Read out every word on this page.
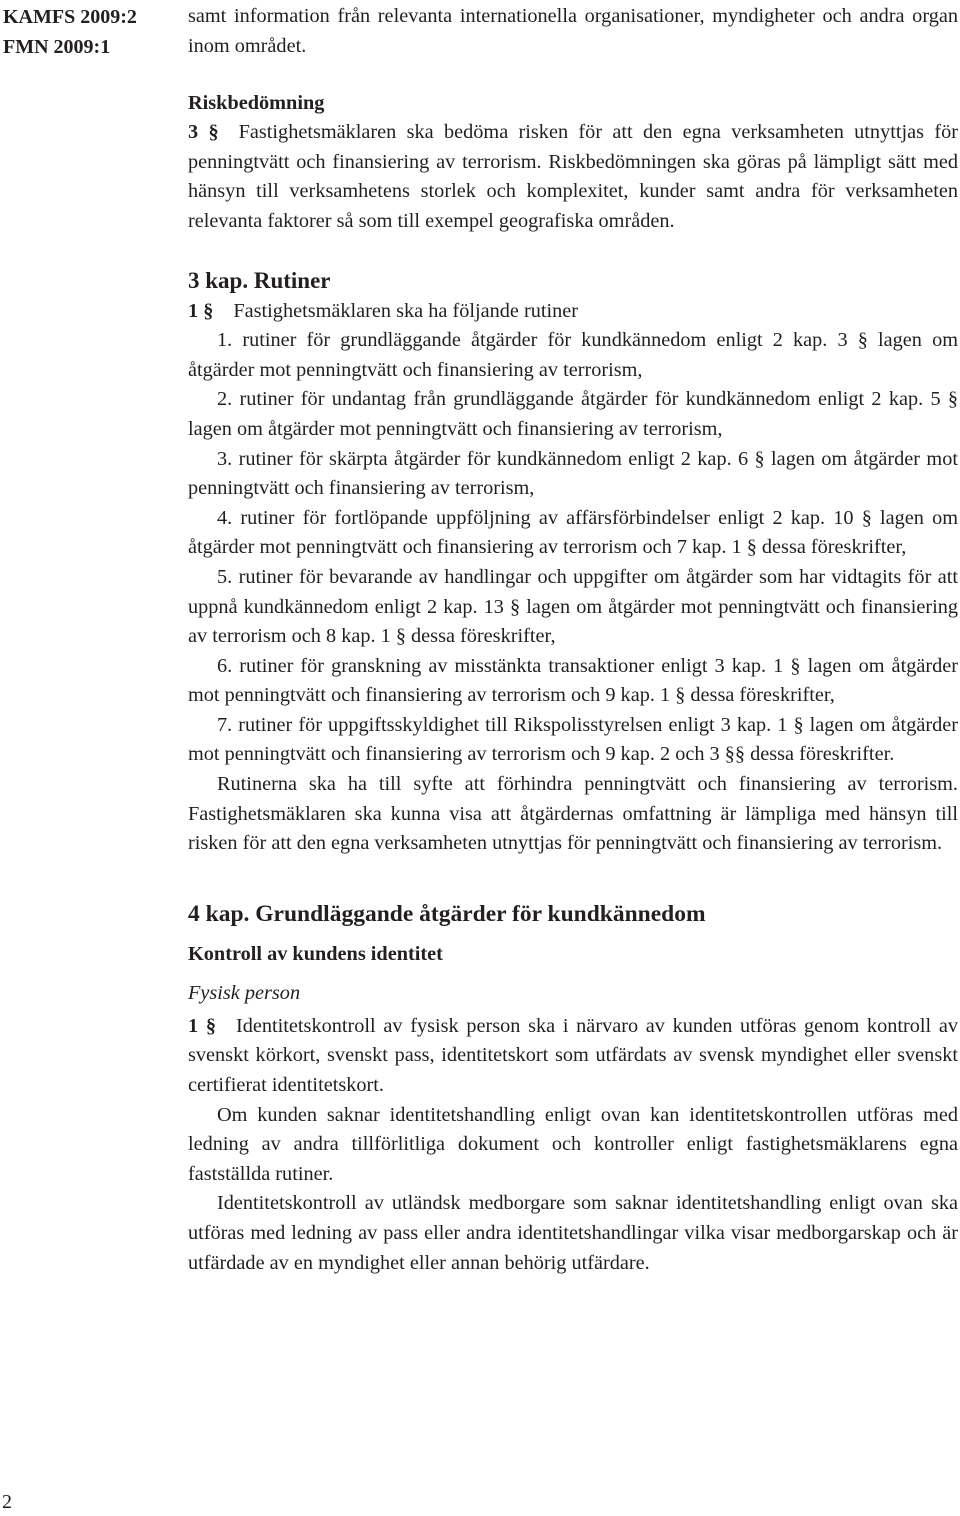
KAMFS 2009:2
FMN 2009:1
2

samt information från relevanta internationella organisationer, myndigheter och andra organ inom området.

Riskbedömning

3 § Fastighetsmäklaren ska bedöma risken för att den egna verksamheten utnyttjas för penningtvätt och finansiering av terrorism. Riskbedömningen ska göras på lämpligt sätt med hänsyn till verksamhetens storlek och komplexitet, kunder samt andra för verksamheten relevanta faktorer så som till exempel geografiska områden.

3 kap. Rutiner

1 § Fastighetsmäklaren ska ha följande rutiner

1. rutiner för grundläggande åtgärder för kundkännedom enligt 2 kap. 3 § lagen om åtgärder mot penningtvätt och finansiering av terrorism,

2. rutiner för undantag från grundläggande åtgärder för kundkännedom enligt 2 kap. 5 § lagen om åtgärder mot penningtvätt och finansiering av terrorism,

3. rutiner för skärpta åtgärder för kundkännedom enligt 2 kap. 6 § lagen om åtgärder mot penningtvätt och finansiering av terrorism,

4. rutiner för fortlöpande uppföljning av affärsförbindelser enligt 2 kap. 10 § lagen om åtgärder mot penningtvätt och finansiering av terrorism och 7 kap. 1 § dessa föreskrifter,

5. rutiner för bevarande av handlingar och uppgifter om åtgärder som har vidtagits för att uppnå kundkännedom enligt 2 kap. 13 § lagen om åtgärder mot penningtvätt och finansiering av terrorism och 8 kap. 1 § dessa föreskrifter,

6. rutiner för granskning av misstänkta transaktioner enligt 3 kap. 1 § lagen om åtgärder mot penningtvätt och finansiering av terrorism och 9 kap. 1 § dessa föreskrifter,

7. rutiner för uppgiftsskyldighet till Rikspolisstyrelsen enligt 3 kap. 1 § lagen om åtgärder mot penningtvätt och finansiering av terrorism och 9 kap. 2 och 3 §§ dessa föreskrifter.

Rutinerna ska ha till syfte att förhindra penningtvätt och finansiering av terrorism. Fastighetsmäklaren ska kunna visa att åtgärdernas omfattning är lämpliga med hänsyn till risken för att den egna verksamheten utnyttjas för penningtvätt och finansiering av terrorism.

4 kap. Grundläggande åtgärder för kundkännedom
Kontroll av kundens identitet
Fysisk person

1 § Identitetskontroll av fysisk person ska i närvaro av kunden utföras genom kontroll av svenskt körkort, svenskt pass, identitetskort som utfärdats av svensk myndighet eller svenskt certifierat identitetskort.

Om kunden saknar identitetshandling enligt ovan kan identitetskontrollen utföras med ledning av andra tillförlitliga dokument och kontroller enligt fastighetsmäklarens egna fastställda rutiner.

Identitetskontroll av utländsk medborgare som saknar identitetshandling enligt ovan ska utföras med ledning av pass eller andra identitetshandlingar vilka visar medborgarskap och är utfärdade av en myndighet eller annan behörig utfärdare.
